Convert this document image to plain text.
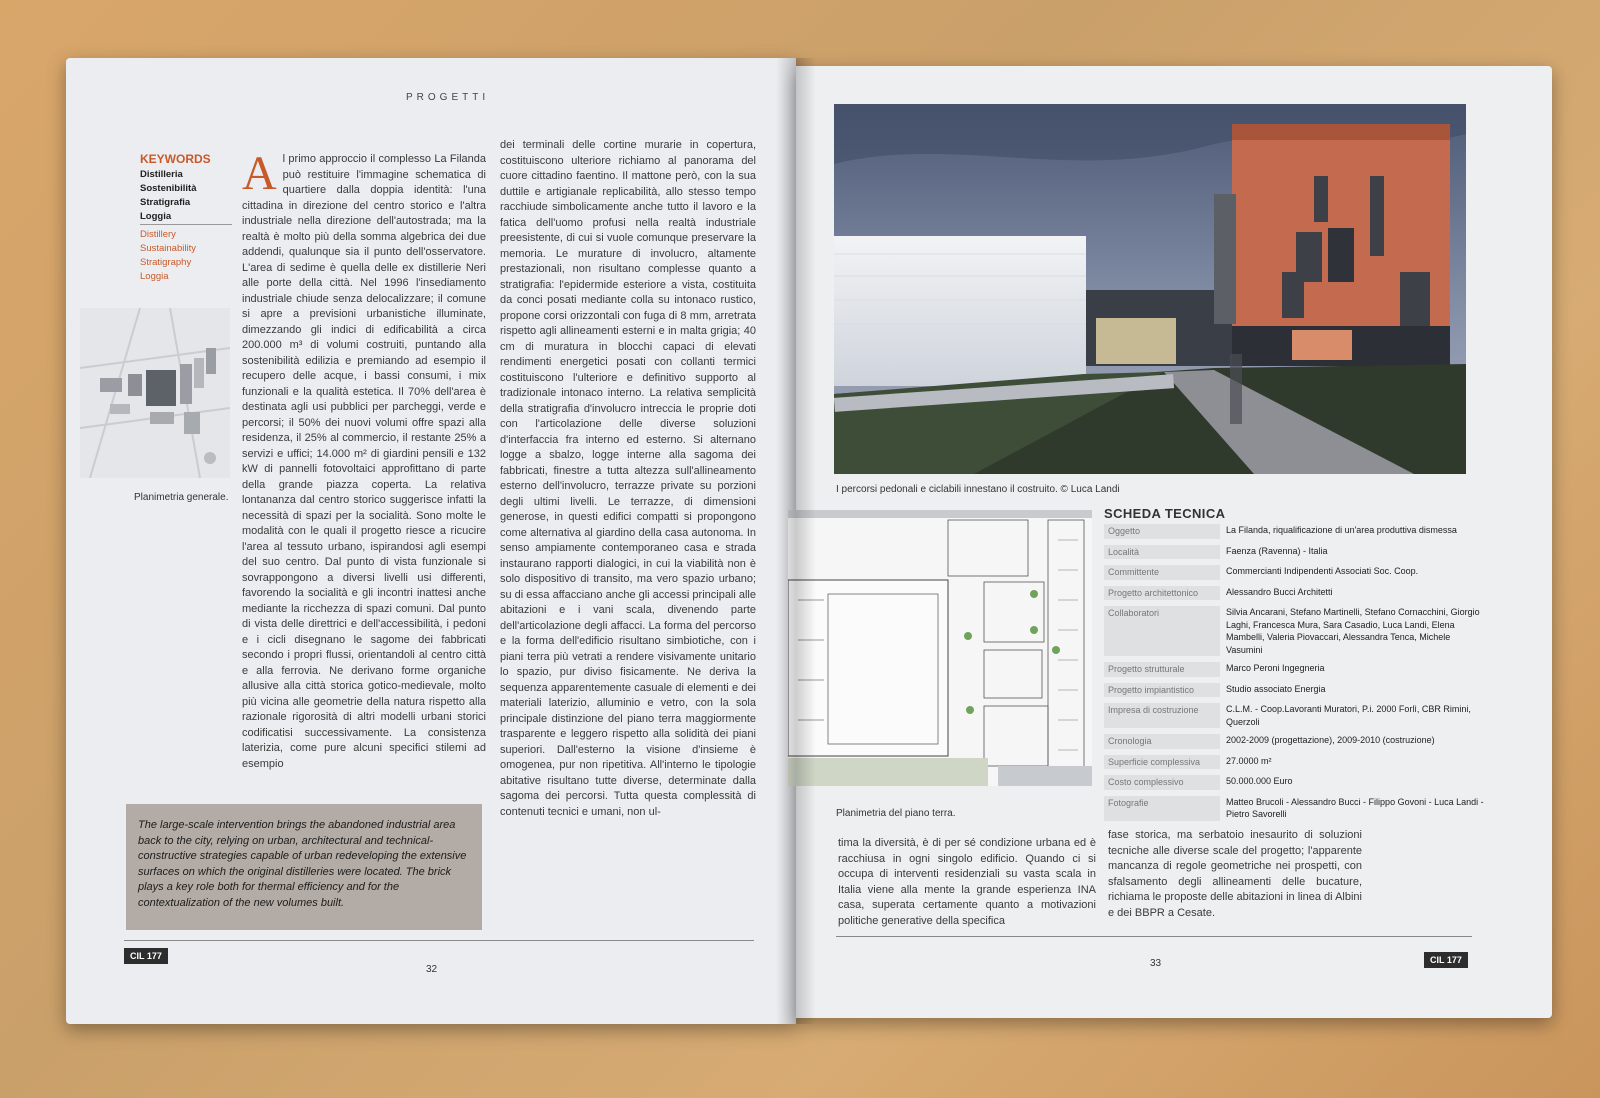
PROGETTI
KEYWORDS
Distilleria
Sostenibilità
Stratigrafia
Loggia
Distillery
Sustainability
Stratigraphy
Loggia
Planimetria generale.
Al primo approccio il complesso La Filanda può restituire l'immagine schematica di quartiere dalla doppia identità: l'una cittadina in direzione del centro storico e l'altra industriale nella direzione dell'autostrada; ma la realtà è molto più della somma algebrica dei due addendi, qualunque sia il punto dell'osservatore. L'area di sedime è quella delle ex distillerie Neri alle porte della città. Nel 1996 l'insediamento industriale chiude senza delocalizzare; il comune si apre a previsioni urbanistiche illuminate, dimezzando gli indici di edificabilità a circa 200.000 m³ di volumi costruiti, puntando alla sostenibilità edilizia e premiando ad esempio il recupero delle acque, i bassi consumi, i mix funzionali e la qualità estetica. Il 70% dell'area è destinata agli usi pubblici per parcheggi, verde e percorsi; il 50% dei nuovi volumi offre spazi alla residenza, il 25% al commercio, il restante 25% a servizi e uffici; 14.000 m² di giardini pensili e 132 kW di pannelli fotovoltaici approfittano di parte della grande piazza coperta. La relativa lontananza dal centro storico suggerisce infatti la necessità di spazi per la socialità. Sono molte le modalità con le quali il progetto riesce a ricucire l'area al tessuto urbano, ispirandosi agli esempi del suo centro. Dal punto di vista funzionale si sovrappongono a diversi livelli usi differenti, favorendo la socialità e gli incontri inattesi anche mediante la ricchezza di spazi comuni. Dal punto di vista delle direttrici e dell'accessibilità, i pedoni e i cicli disegnano le sagome dei fabbricati secondo i propri flussi, orientandoli al centro città e alla ferrovia. Ne derivano forme organiche allusive alla città storica gotico-medievale, molto più vicina alle geometrie della natura rispetto alla razionale rigorosità di altri modelli urbani storici codificatisi successivamente. La consistenza laterizia, come pure alcuni specifici stilemi ad esempio
dei terminali delle cortine murarie in copertura, costituiscono ulteriore richiamo al panorama del cuore cittadino faentino. Il mattone però, con la sua duttile e artigianale replicabilità, allo stesso tempo racchiude simbolicamente anche tutto il lavoro e la fatica dell'uomo profusi nella realtà industriale preesistente, di cui si vuole comunque preservare la memoria. Le murature di involucro, altamente prestazionali, non risultano complesse quanto a stratigrafia: l'epidermide esteriore a vista, costituita da conci posati mediante colla su intonaco rustico, propone corsi orizzontali con fuga di 8 mm, arretrata rispetto agli allineamenti esterni e in malta grigia; 40 cm di muratura in blocchi capaci di elevati rendimenti energetici posati con collanti termici costituiscono l'ulteriore e definitivo supporto al tradizionale intonaco interno. La relativa semplicità della stratigrafia d'involucro intreccia le proprie doti con l'articolazione delle diverse soluzioni d'interfaccia fra interno ed esterno. Si alternano logge a sbalzo, logge interne alla sagoma dei fabbricati, finestre a tutta altezza sull'allineamento esterno dell'involucro, terrazze private su porzioni degli ultimi livelli. Le terrazze, di dimensioni generose, in questi edifici compatti si propongono come alternativa al giardino della casa autonoma. In senso ampiamente contemporaneo casa e strada instaurano rapporti dialogici, in cui la viabilità non è solo dispositivo di transito, ma vero spazio urbano; su di essa affacciano anche gli accessi principali alle abitazioni e i vani scala, divenendo parte dell'articolazione degli affacci. La forma del percorso e la forma dell'edificio risultano simbiotiche, con i piani terra più vetrati a rendere visivamente unitario lo spazio, pur diviso fisicamente. Ne deriva la sequenza apparentemente casuale di elementi e dei materiali laterizio, alluminio e vetro, con la sola principale distinzione del piano terra maggiormente trasparente e leggero rispetto alla solidità dei piani superiori. Dall'esterno la visione d'insieme è omogenea, pur non ripetitiva. All'interno le tipologie abitative risultano tutte diverse, determinate dalla sagoma dei percorsi. Tutta questa complessità di contenuti tecnici e umani, non ul-
The large-scale intervention brings the abandoned industrial area back to the city, relying on urban, architectural and technical-constructive strategies capable of urban redeveloping the extensive surfaces on which the original distilleries were located. The brick plays a key role both for thermal efficiency and for the contextualization of the new volumes built.
CIL 177
32
I percorsi pedonali e ciclabili innestano il costruito. © Luca Landi
Planimetria del piano terra.
SCHEDA TECNICA
Oggetto	La Filanda, riqualificazione di un'area produttiva dismessa
Località	Faenza (Ravenna) - Italia
Committente	Commercianti Indipendenti Associati Soc. Coop.
Progetto architettonico	Alessandro Bucci Architetti
Collaboratori	Silvia Ancarani, Stefano Martinelli, Stefano Cornacchini, Giorgio Laghi, Francesca Mura, Sara Casadio, Luca Landi, Elena Mambelli, Valeria Piovaccari, Alessandra Tenca, Michele Vasumini
Progetto strutturale	Marco Peroni Ingegneria
Progetto impiantistico	Studio associato Energia
Impresa di costruzione	C.L.M. - Coop.Lavoranti Muratori, P.i. 2000 Forlì, CBR Rimini, Querzoli
Cronologia	2002-2009 (progettazione), 2009-2010 (costruzione)
Superficie complessiva	27.0000 m²
Costo complessivo	50.000.000 Euro
Fotografie	Matteo Brucoli - Alessandro Bucci - Filippo Govoni - Luca Landi - Pietro Savorelli
tima la diversità, è di per sé condizione urbana ed è racchiusa in ogni singolo edificio. Quando ci si occupa di interventi residenziali su vasta scala in Italia viene alla mente la grande esperienza INA casa, superata certamente quanto a motivazioni politiche generative della specifica
fase storica, ma serbatoio inesaurito di soluzioni tecniche alle diverse scale del progetto; l'apparente mancanza di regole geometriche nei prospetti, con sfalsamento degli allineamenti delle bucature, richiama le proposte delle abitazioni in linea di Albini e dei BBPR a Cesate.
33	CIL 177
